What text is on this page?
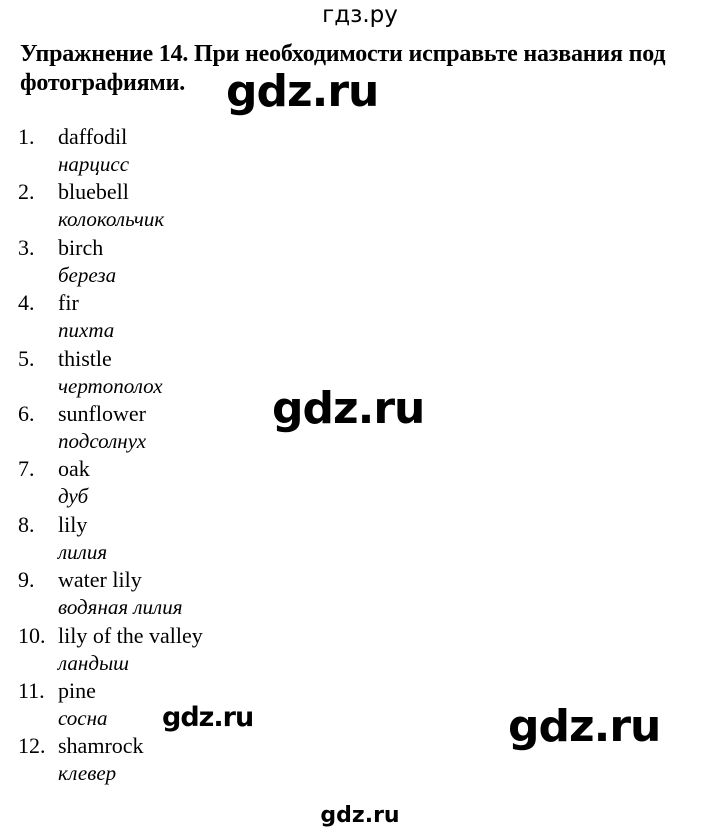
гдз.ру
Упражнение 14. При необходимости исправьте названия под фотографиями.
1. daffodil
нарцисс
2. bluebell
колокольчик
3. birch
береза
4. fir
пихта
5. thistle
чертополох
6. sunflower
подсолнух
7. oak
дуб
8. lily
лилия
9. water lily
водяная лилия
10. lily of the valley
ландыш
11. pine
сосна
12. shamrock
клевер
gdz.ru
gdz.ru
gdz.ru
gdz.ru
gdz.ru
